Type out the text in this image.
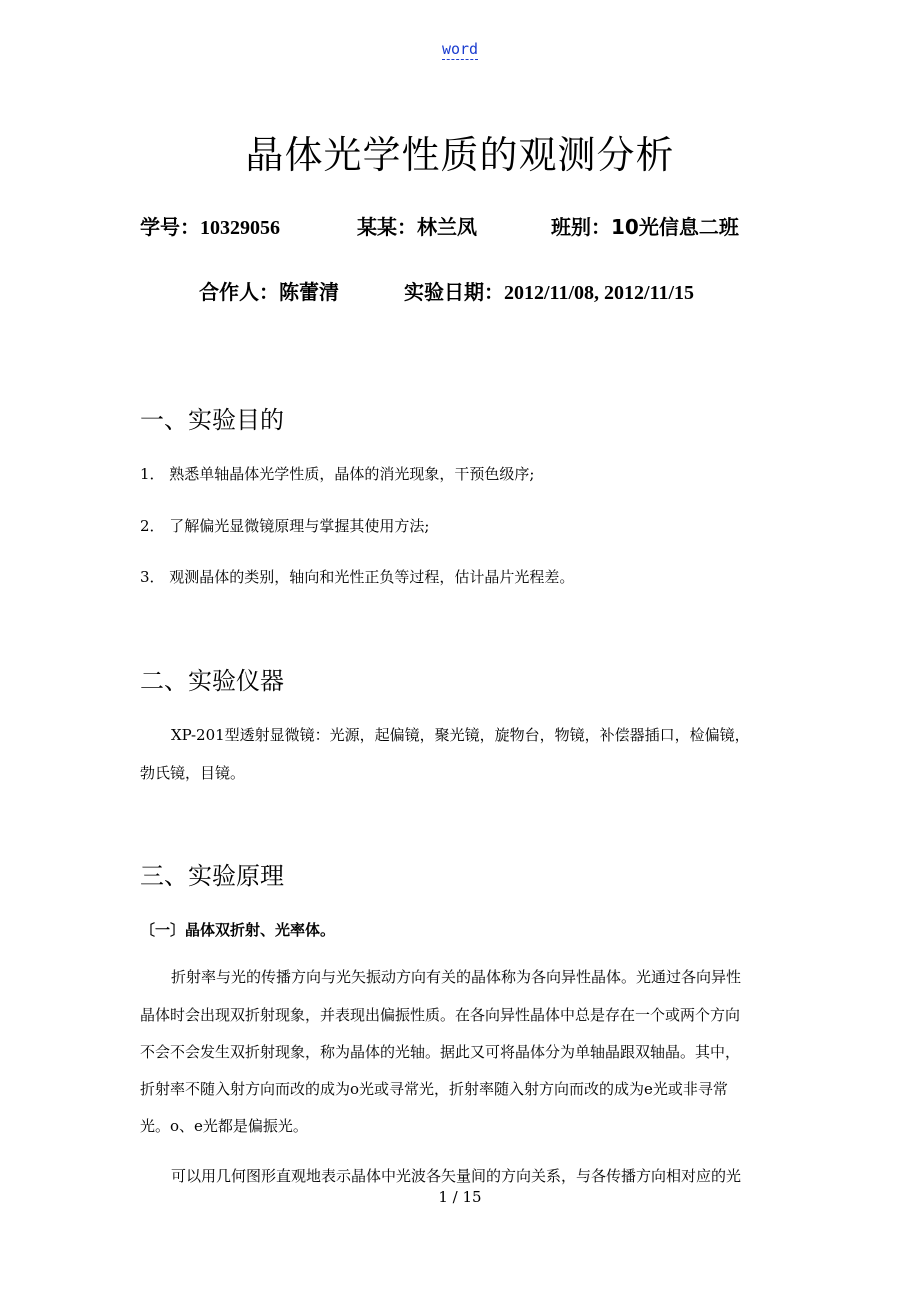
word
晶体光学性质的观测分析
学号：10329056	某某：林兰凤	班别：10光信息二班
合作人：陈蕾清	实验日期：2012/11/08, 2012/11/15
一、实验目的
1． 熟悉单轴晶体光学性质，晶体的消光现象，干预色级序;
2． 了解偏光显微镜原理与掌握其使用方法;
3． 观测晶体的类别，轴向和光性正负等过程，估计晶片光程差。
二、实验仪器
XP-201型透射显微镜：光源，起偏镜，聚光镜，旋物台，物镜，补偿器插口，检偏镜，
勃氏镜，目镜。
三、实验原理
〔一〕晶体双折射、光率体。
折射率与光的传播方向与光矢振动方向有关的晶体称为各向异性晶体。光通过各向异性
晶体时会出现双折射现象，并表现出偏振性质。在各向异性晶体中总是存在一个或两个方向
不会不会发生双折射现象，称为晶体的光轴。据此又可将晶体分为单轴晶跟双轴晶。其中，
折射率不随入射方向而改的成为o光或寻常光，折射率随入射方向而改的成为e光或非寻常
光。o、e光都是偏振光。
可以用几何图形直观地表示晶体中光波各矢量间的方向关系，与各传播方向相对应的光
1 / 15
